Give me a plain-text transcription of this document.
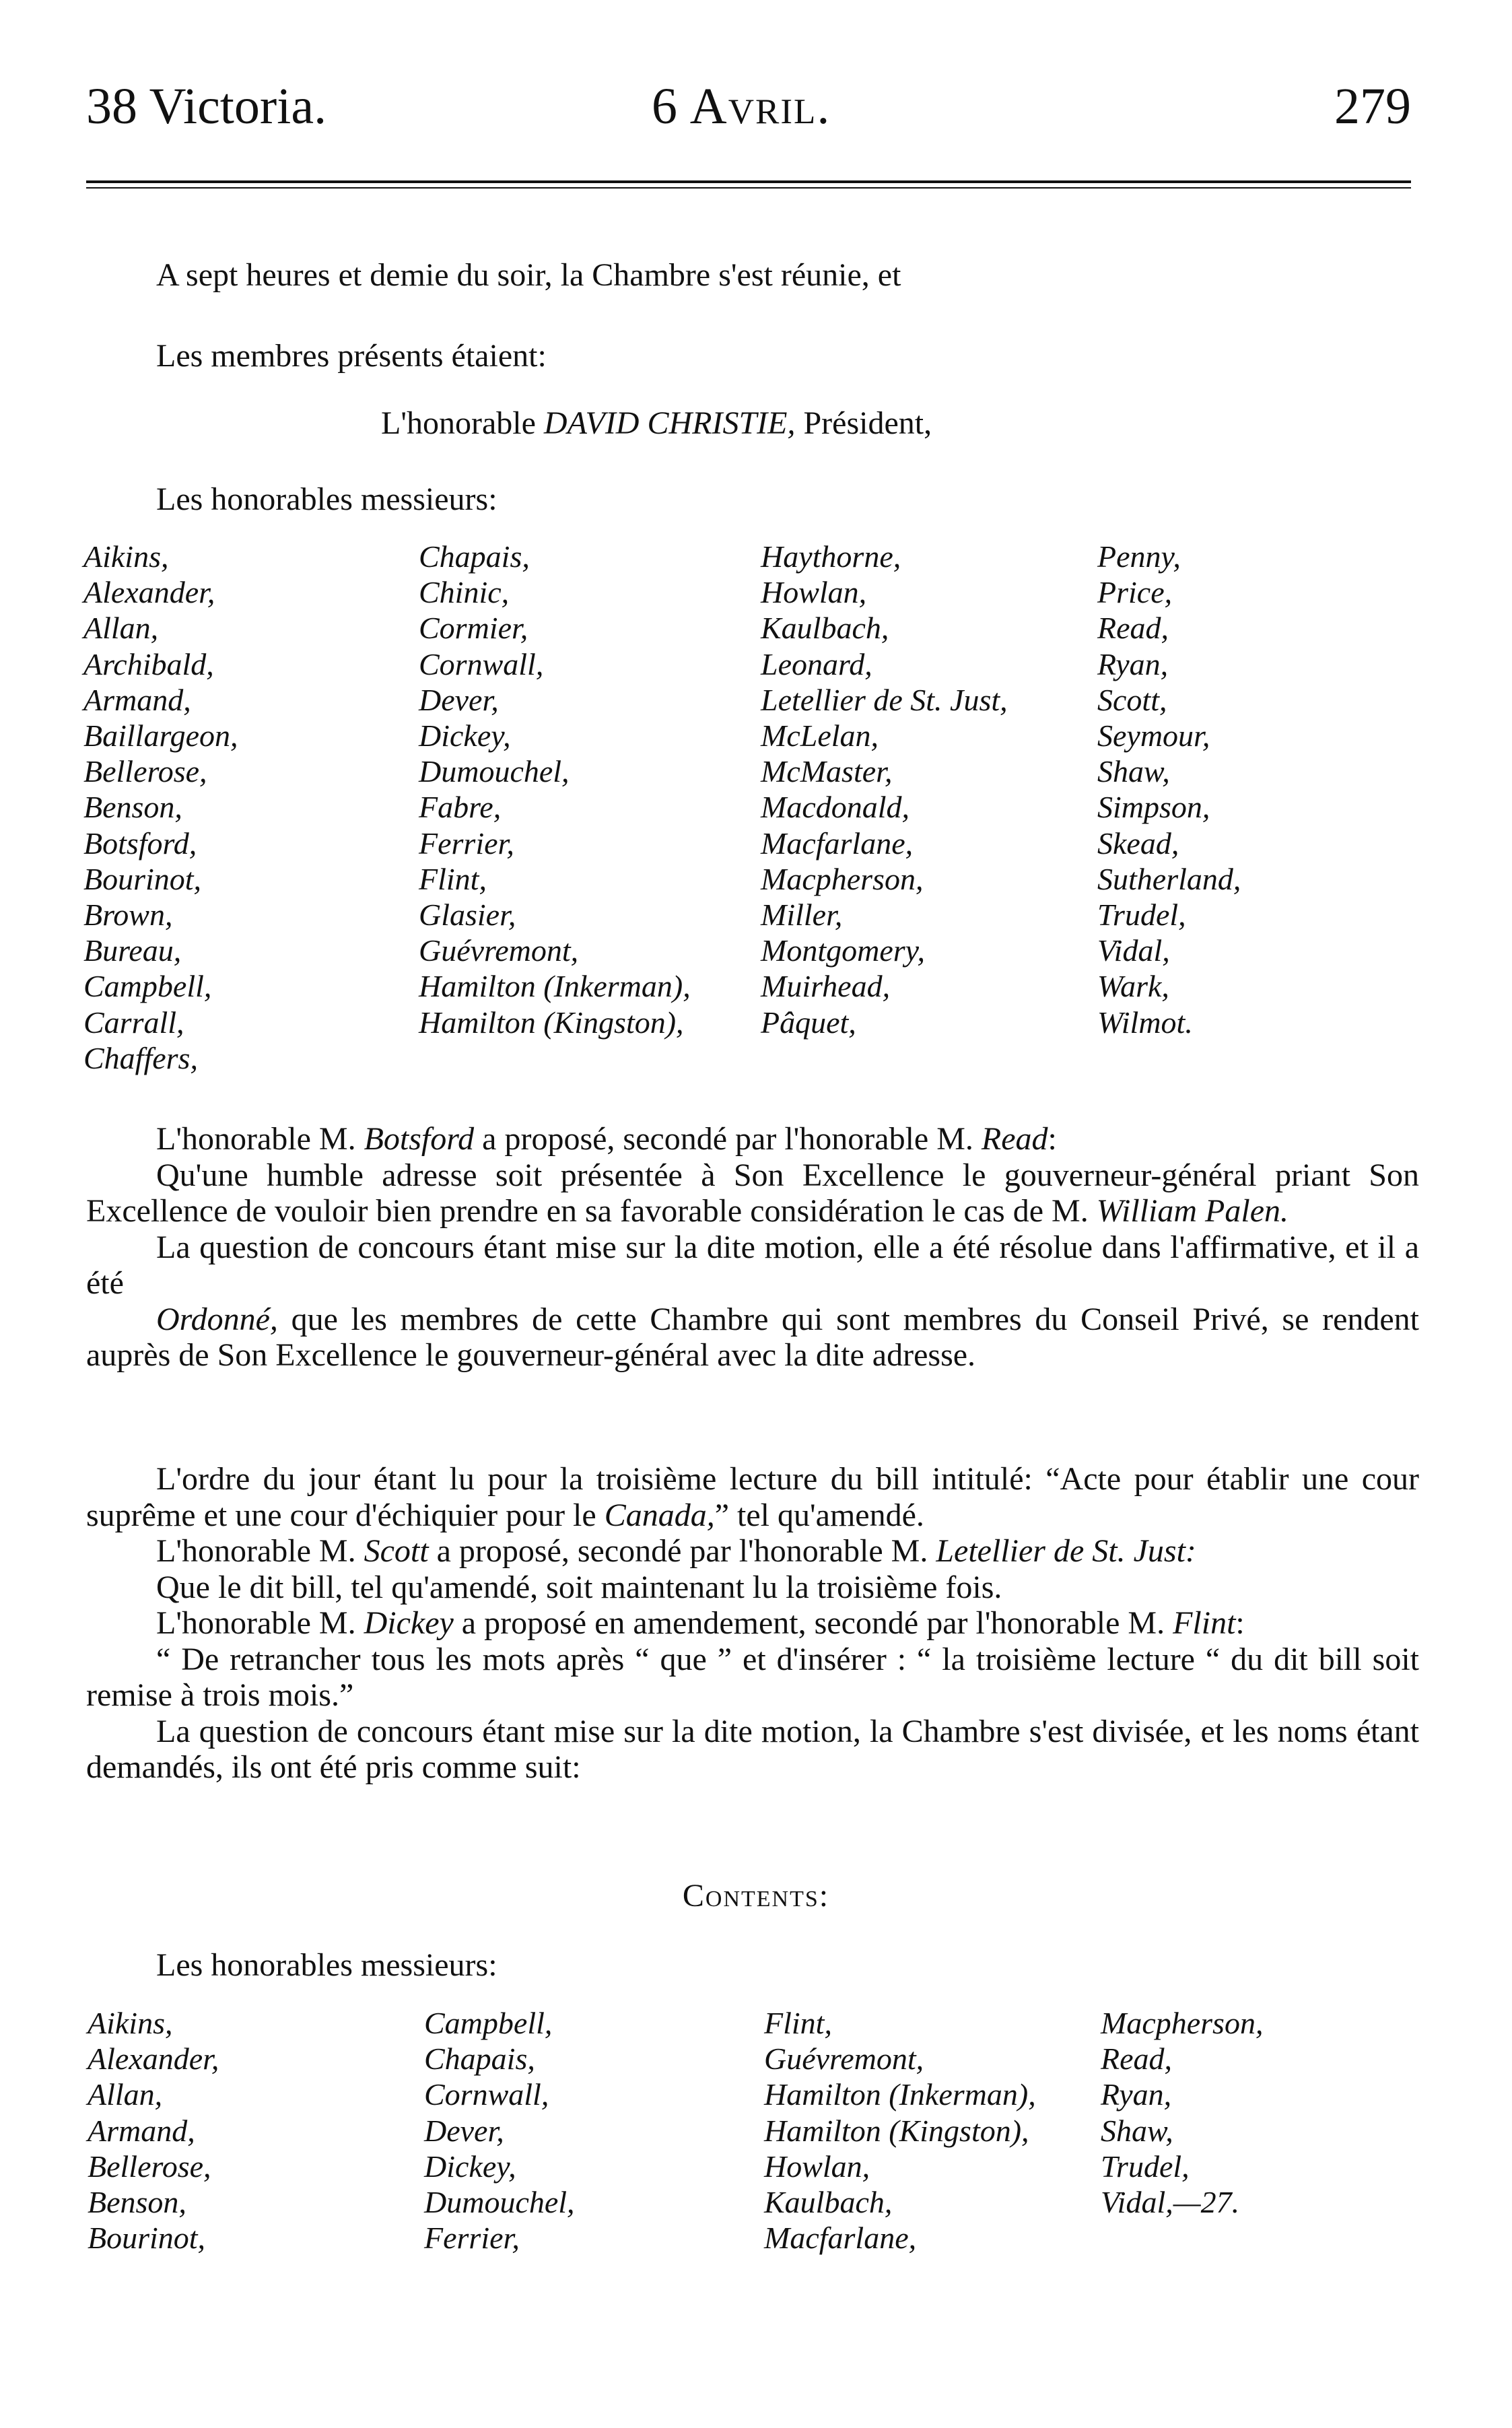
38 Victoria.	6 Avril.	279
A sept heures et demie du soir, la Chambre s'est réunie, et
Les membres présents étaient:
L'honorable DAVID CHRISTIE, Président,
Les honorables messieurs:
Aikins,
Alexander,
Allan,
Archibald,
Armand,
Baillargeon,
Bellerose,
Benson,
Botsford,
Bourinot,
Brown,
Bureau,
Campbell,
Carrall,
Chaffers,
Chapais,
Chinic,
Cormier,
Cornwall,
Dever,
Dickey,
Dumouchel,
Fabre,
Ferrier,
Flint,
Glasier,
Guévremont,
Hamilton (Inkerman),
Hamilton (Kingston),
Haythorne,
Howlan,
Kaulbach,
Leonard,
Letellier de St. Just,
McLelan,
McMaster,
Macdonald,
Macfarlane,
Macpherson,
Miller,
Montgomery,
Muirhead,
Pâquet,
Penny,
Price,
Read,
Ryan,
Scott,
Seymour,
Shaw,
Simpson,
Skead,
Sutherland,
Trudel,
Vidal,
Wark,
Wilmot.

L'honorable M. Botsford a proposé, secondé par l'honorable M. Read:

Qu'une humble adresse soit présentée à Son Excellence le gouverneur-général priant Son Excellence de vouloir bien prendre en sa favorable considération le cas de M. William Palen.

La question de concours étant mise sur la dite motion, elle a été résolue dans l'affirmative, et il a été

Ordonné, que les membres de cette Chambre qui sont membres du Conseil Privé, se rendent auprès de Son Excellence le gouverneur-général avec la dite adresse.

L'ordre du jour étant lu pour la troisième lecture du bill intitulé: “Acte pour établir une cour suprême et une cour d'échiquier pour le Canada,” tel qu'amendé.

L'honorable M. Scott a proposé, secondé par l'honorable M. Letellier de St. Just:

Que le dit bill, tel qu'amendé, soit maintenant lu la troisième fois.

L'honorable M. Dickey a proposé en amendement, secondé par l'honorable M. Flint:

“ De retrancher tous les mots après “ que ” et d'insérer : “ la troisième lecture “ du dit bill soit remise à trois mois.”

La question de concours étant mise sur la dite motion, la Chambre s'est divisée, et les noms étant demandés, ils ont été pris comme suit:

Contents:
Les honorables messieurs:
Aikins,
Alexander,
Allan,
Armand,
Bellerose,
Benson,
Bourinot,
Campbell,
Chapais,
Cornwall,
Dever,
Dickey,
Dumouchel,
Ferrier,
Flint,
Guévremont,
Hamilton (Inkerman),
Hamilton (Kingston),
Howlan,
Kaulbach,
Macfarlane,
Macpherson,
Read,
Ryan,
Shaw,
Trudel,
Vidal,—27.
